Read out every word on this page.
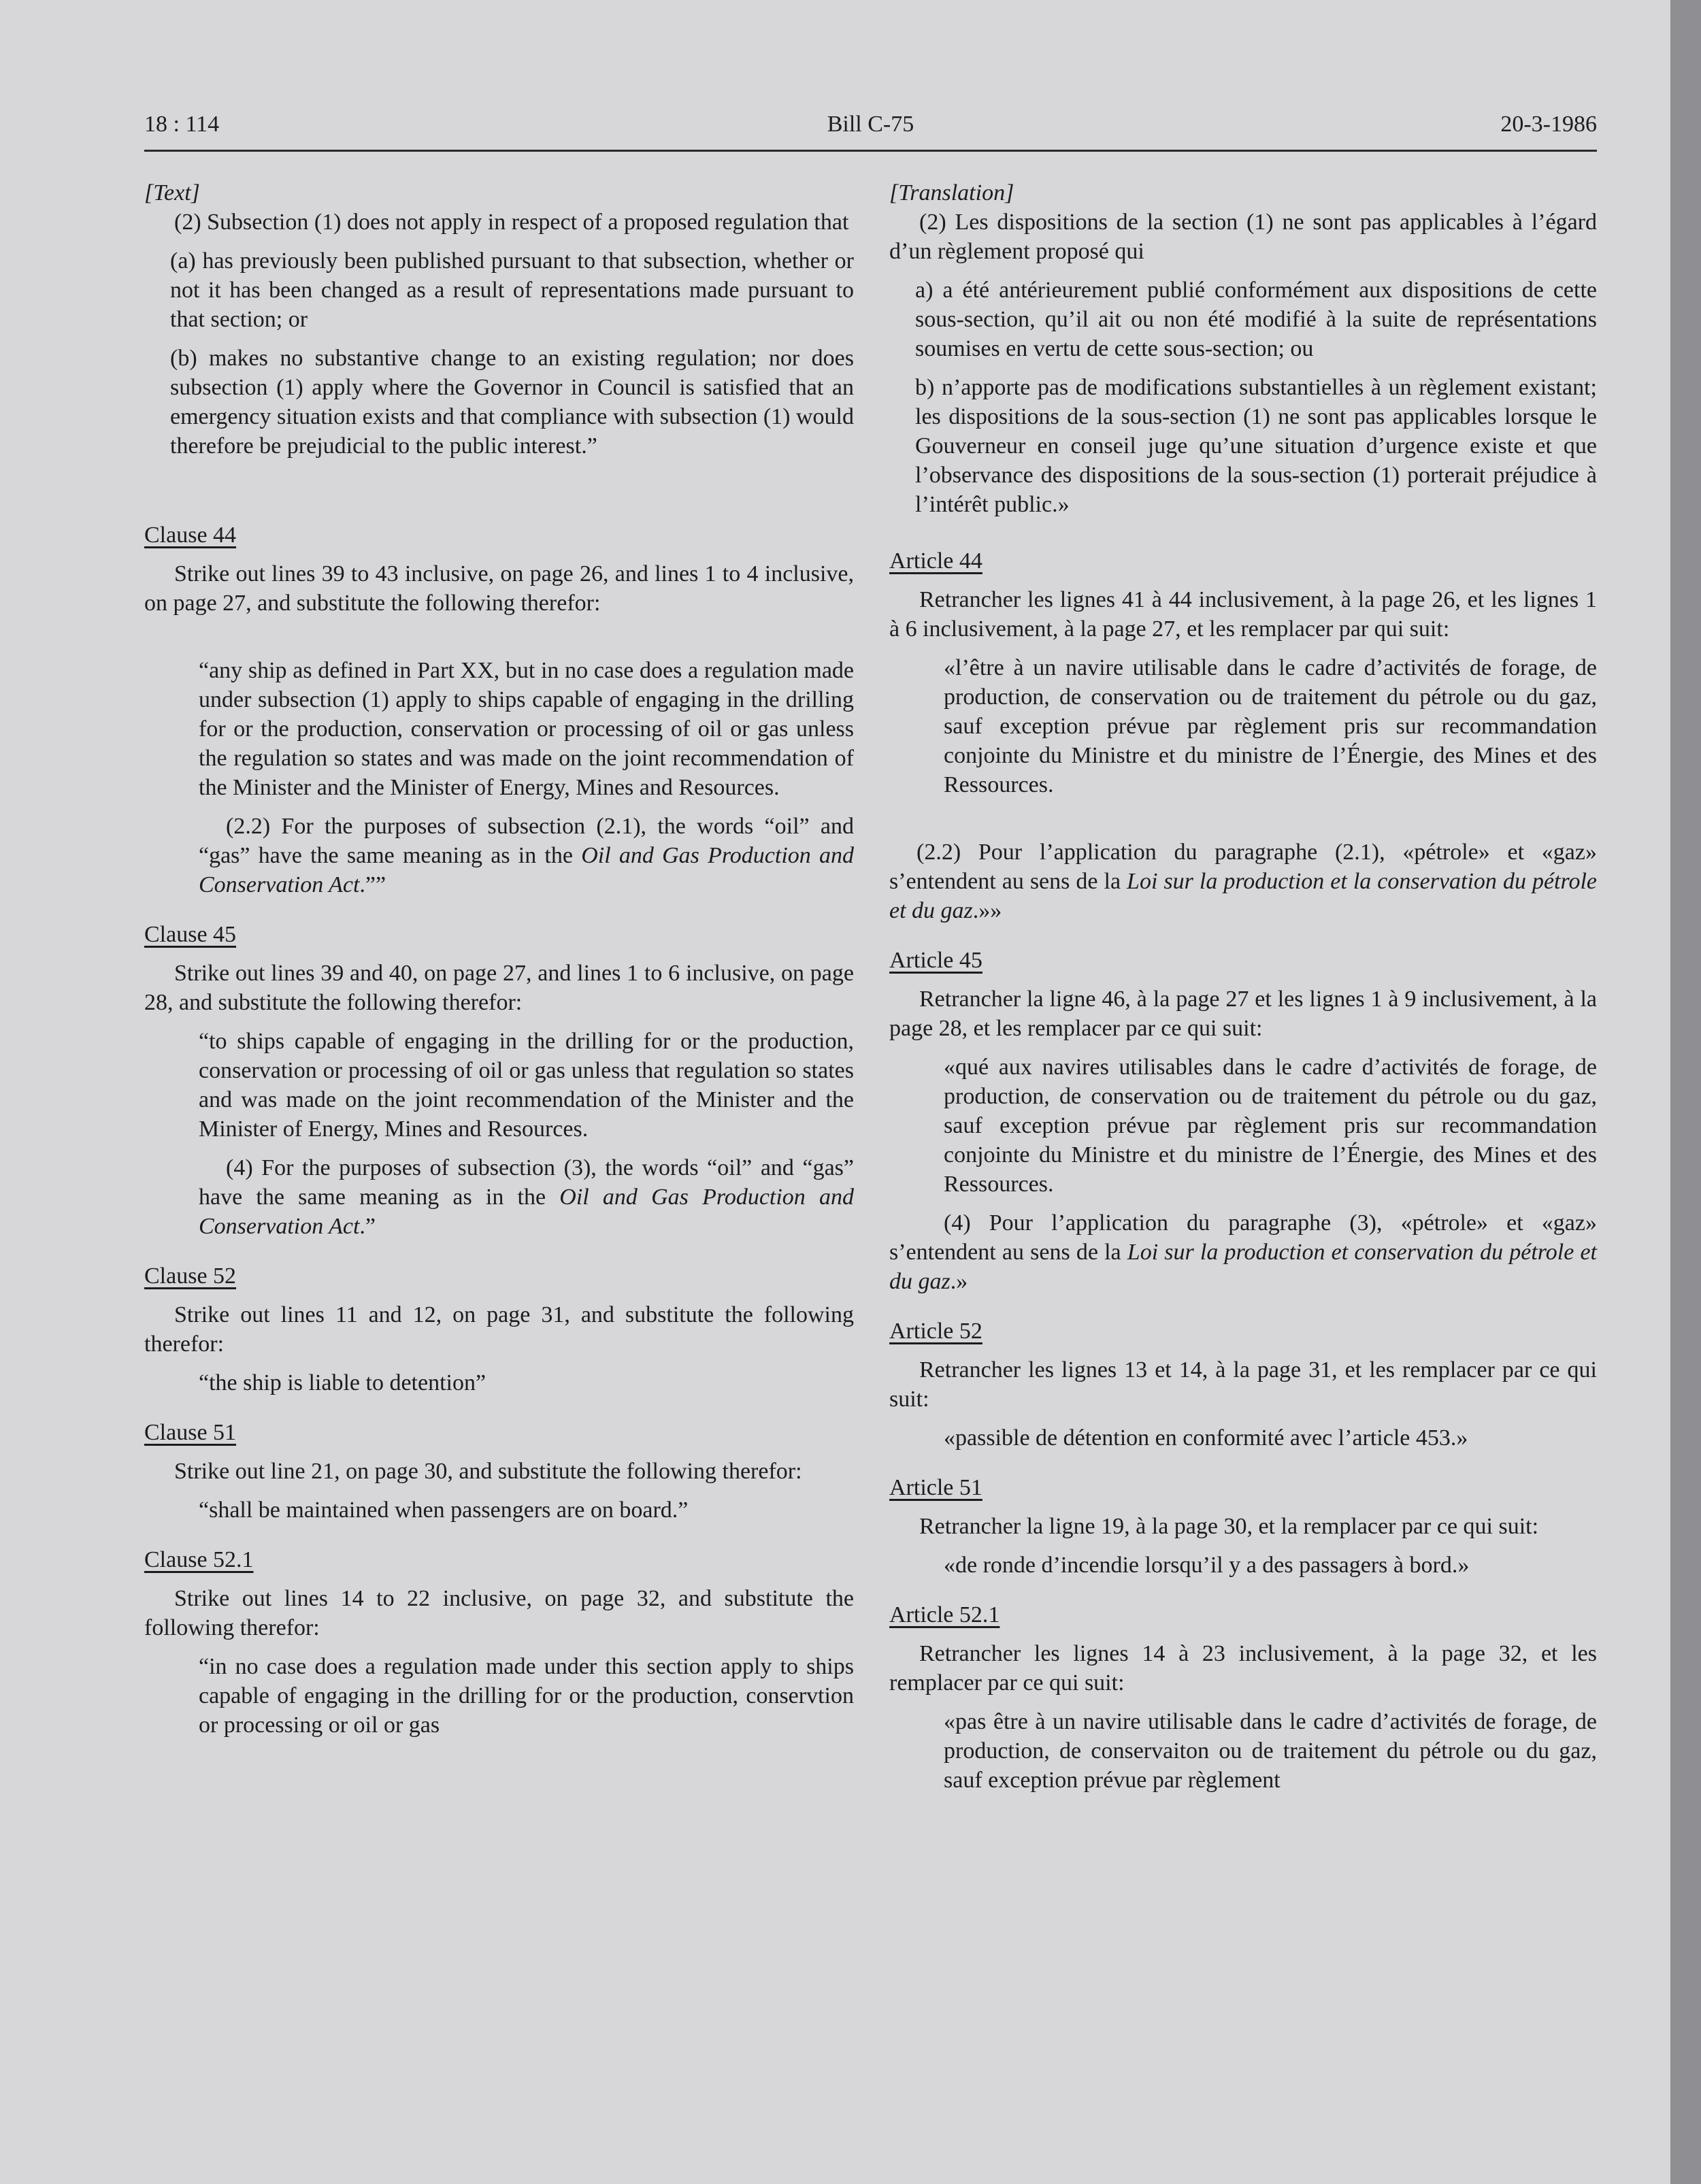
18 : 114	Bill C-75	20-3-1986

[Text]

(2) Subsection (1) does not apply in respect of a proposed regulation that

(a) has previously been published pursuant to that subsection, whether or not it has been changed as a result of representations made pursuant to that section; or

(b) makes no substantive change to an existing regulation; nor does subsection (1) apply where the Governor in Council is satisfied that an emergency situation exists and that compliance with subsection (1) would therefore be prejudicial to the public interest.”

Clause 44

Strike out lines 39 to 43 inclusive, on page 26, and lines 1 to 4 inclusive, on page 27, and substitute the following therefor:

“any ship as defined in Part XX, but in no case does a regulation made under subsection (1) apply to ships capable of engaging in the drilling for or the production, conservation or processing of oil or gas unless the regulation so states and was made on the joint recommendation of the Minister and the Minister of Energy, Mines and Resources.

(2.2) For the purposes of subsection (2.1), the words “oil” and “gas” have the same meaning as in the Oil and Gas Production and Conservation Act.””

Clause 45

Strike out lines 39 and 40, on page 27, and lines 1 to 6 inclusive, on page 28, and substitute the following therefor:

“to ships capable of engaging in the drilling for or the production, conservation or processing of oil or gas unless that regulation so states and was made on the joint recommendation of the Minister and the Minister of Energy, Mines and Resources.

(4) For the purposes of subsection (3), the words “oil” and “gas” have the same meaning as in the Oil and Gas Production and Conservation Act.”

Clause 52

Strike out lines 11 and 12, on page 31, and substitute the following therefor:

“the ship is liable to detention”

Clause 51

Strike out line 21, on page 30, and substitute the following therefor:

“shall be maintained when passengers are on board.”

Clause 52.1

Strike out lines 14 to 22 inclusive, on page 32, and substitute the following therefor:

“in no case does a regulation made under this section apply to ships capable of engaging in the drilling for or the production, conservtion or processing or oil or gas

[Translation]

(2) Les dispositions de la section (1) ne sont pas applicables à l’égard d’un règlement proposé qui

a) a été antérieurement publié conformément aux dispositions de cette sous-section, qu’il ait ou non été modifié à la suite de représentations soumises en vertu de cette sous-section; ou

b) n’apporte pas de modifications substantielles à un règlement existant; les dispositions de la sous-section (1) ne sont pas applicables lorsque le Gouverneur en conseil juge qu’une situation d’urgence existe et que l’observance des dispositions de la sous-section (1) porterait préjudice à l’intérêt public.»

Article 44

Retrancher les lignes 41 à 44 inclusivement, à la page 26, et les lignes 1 à 6 inclusivement, à la page 27, et les remplacer par qui suit:

«l’être à un navire utilisable dans le cadre d’activités de forage, de production, de conservation ou de traitement du pétrole ou du gaz, sauf exception prévue par règlement pris sur recommandation conjointe du Ministre et du ministre de l’Énergie, des Mines et des Ressources.

(2.2) Pour l’application du paragraphe (2.1), «pétrole» et «gaz» s’entendent au sens de la Loi sur la production et la conservation du pétrole et du gaz.»»

Article 45

Retrancher la ligne 46, à la page 27 et les lignes 1 à 9 inclusivement, à la page 28, et les remplacer par ce qui suit:

«qué aux navires utilisables dans le cadre d’activités de forage, de production, de conservation ou de traitement du pétrole ou du gaz, sauf exception prévue par règlement pris sur recommandation conjointe du Ministre et du ministre de l’Énergie, des Mines et des Ressources.

(4) Pour l’application du paragraphe (3), «pétrole» et «gaz» s’entendent au sens de la Loi sur la production et conservation du pétrole et du gaz.»

Article 52

Retrancher les lignes 13 et 14, à la page 31, et les remplacer par ce qui suit:

«passible de détention en conformité avec l’article 453.»

Article 51

Retrancher la ligne 19, à la page 30, et la remplacer par ce qui suit:

«de ronde d’incendie lorsqu’il y a des passagers à bord.»

Article 52.1

Retrancher les lignes 14 à 23 inclusivement, à la page 32, et les remplacer par ce qui suit:

«pas être à un navire utilisable dans le cadre d’activités de forage, de production, de conservaiton ou de traitement du pétrole ou du gaz, sauf exception prévue par règlement
